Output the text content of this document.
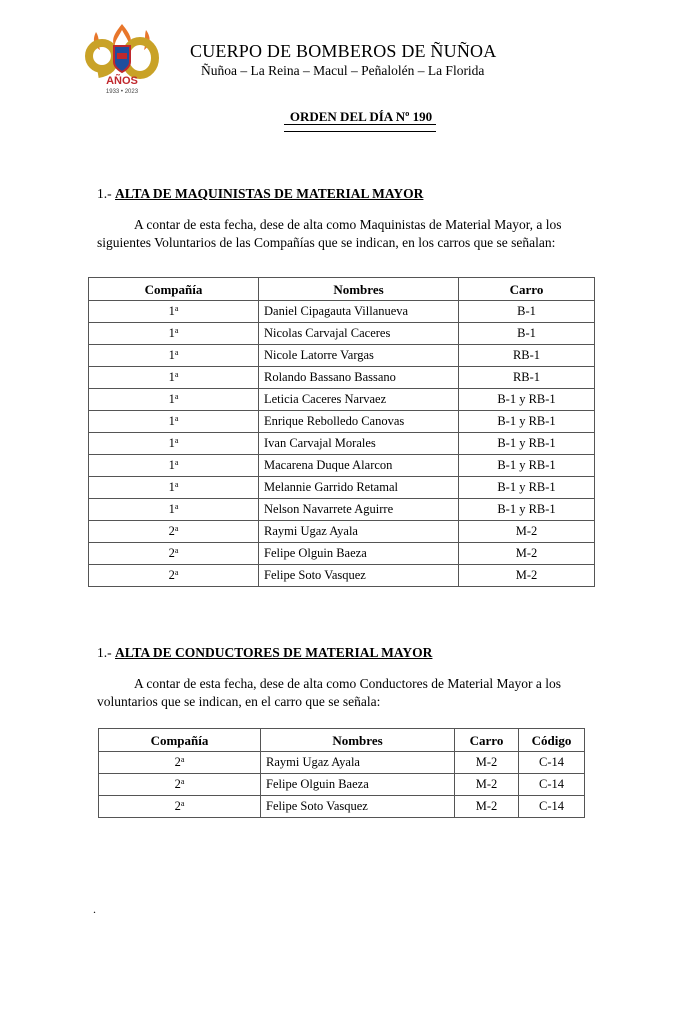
AÑOS
1933 • 2023
CUERPO DE BOMBEROS DE ÑUÑOA
Ñuñoa – La Reina – Macul – Peñalolén – La Florida
ORDEN DEL DÍA Nº 190
1.- ALTA DE MAQUINISTAS DE MATERIAL MAYOR
A contar de esta fecha, dese de alta como Maquinistas de Material Mayor, a los
siguientes Voluntarios de las Compañías que se indican, en los carros que se señalan:
Compañía	Nombres	Carro
1$^a$	Daniel Cipagauta Villanueva	B-1
1$^a$	Nicolas Carvajal Caceres	B-1
1$^a$	Nicole Latorre Vargas	RB-1
1$^a$	Rolando Bassano Bassano	RB-1
1$^a$	Leticia Caceres Narvaez	B-1 y RB-1
1$^a$	Enrique Rebolledo Canovas	B-1 y RB-1
1$^a$	Ivan Carvajal Morales	B-1 y RB-1
1$^a$	Macarena Duque Alarcon	B-1 y RB-1
1$^a$	Melannie Garrido Retamal	B-1 y RB-1
1$^a$	Nelson Navarrete Aguirre	B-1 y RB-1
2$^a$	Raymi Ugaz Ayala	M-2
2$^a$	Felipe Olguin Baeza	M-2
2$^a$	Felipe Soto Vasquez	M-2
1.- ALTA DE CONDUCTORES DE MATERIAL MAYOR
A contar de esta fecha, dese de alta como Conductores de Material Mayor a los
voluntarios que se indican, en el carro que se señala:
Compañía	Nombres	Carro	Código
2$^a$	Raymi Ugaz Ayala	M-2	C-14
2$^a$	Felipe Olguin Baeza	M-2	C-14
2$^a$	Felipe Soto Vasquez	M-2	C-14
.
